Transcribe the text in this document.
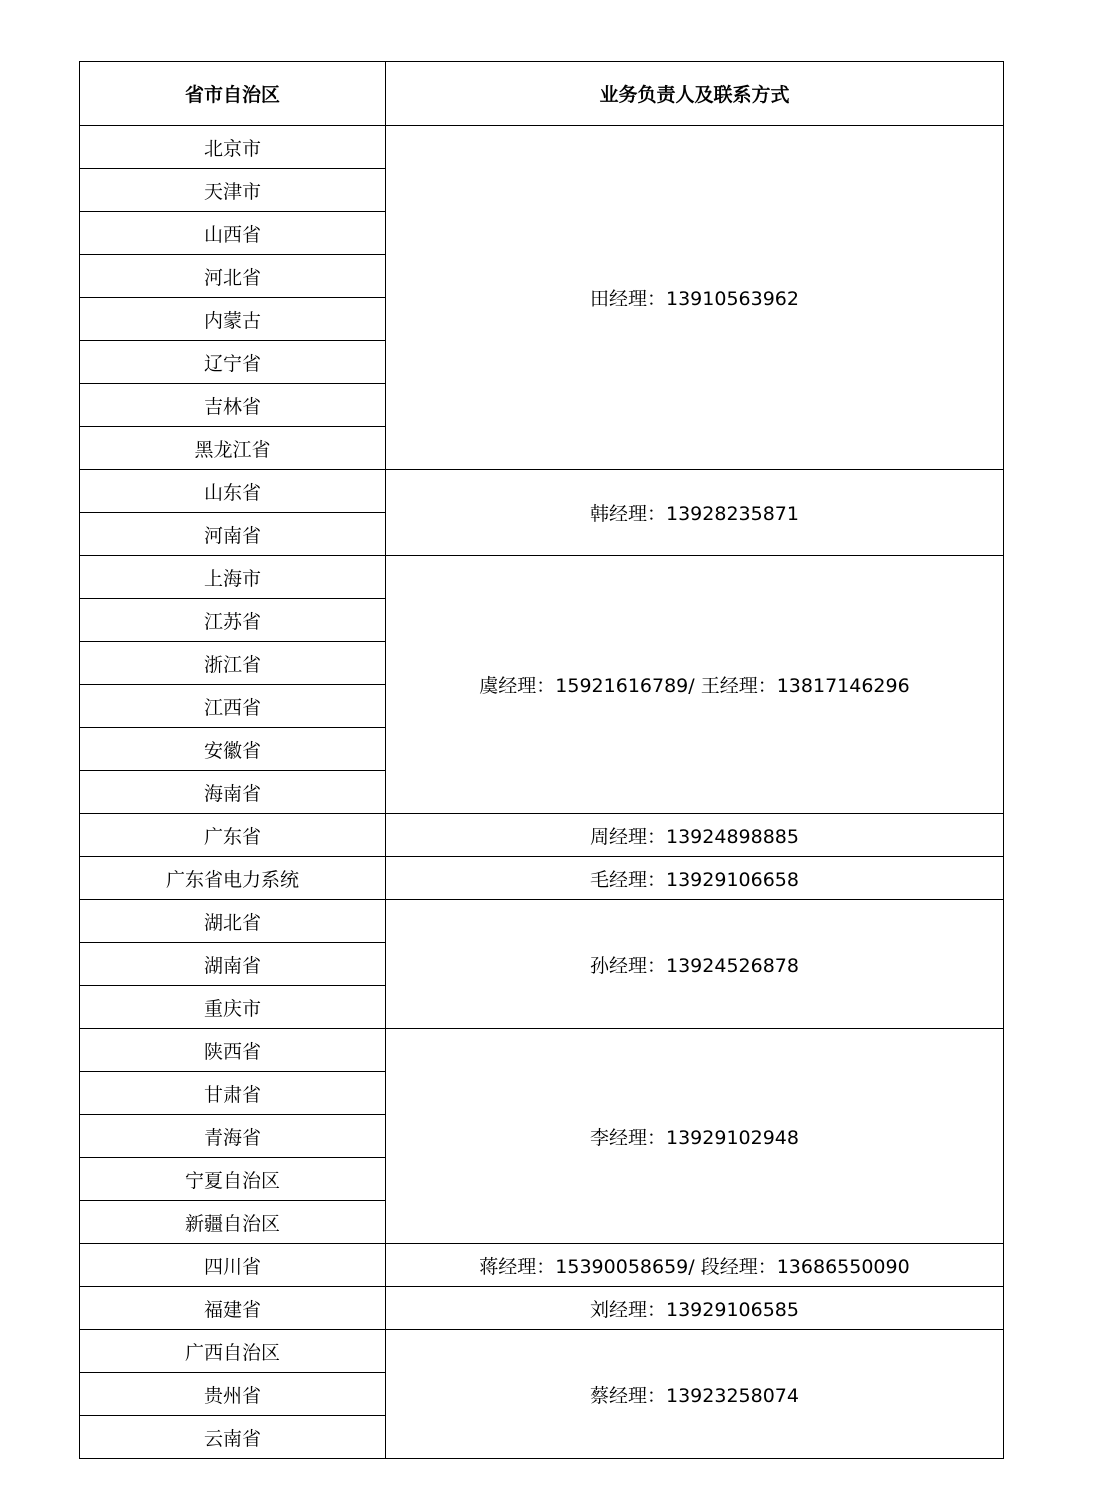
省市自治区	业务负责人及联系方式
北京市	田经理：13910563962
天津市	
山西省	
河北省	
内蒙古	
辽宁省	
吉林省	
黑龙江省	
山东省	韩经理：13928235871
河南省	
上海市	虞经理：15921616789/ 王经理：13817146296
江苏省	
浙江省	
江西省	
安徽省	
海南省	
广东省	周经理：13924898885
广东省电力系统	毛经理：13929106658
湖北省	孙经理：13924526878
湖南省	
重庆市	
陕西省	李经理：13929102948
甘肃省	
青海省	
宁夏自治区	
新疆自治区	
四川省	蒋经理：15390058659/ 段经理：13686550090
福建省	刘经理：13929106585
广西自治区	蔡经理：13923258074
贵州省	
云南省	
